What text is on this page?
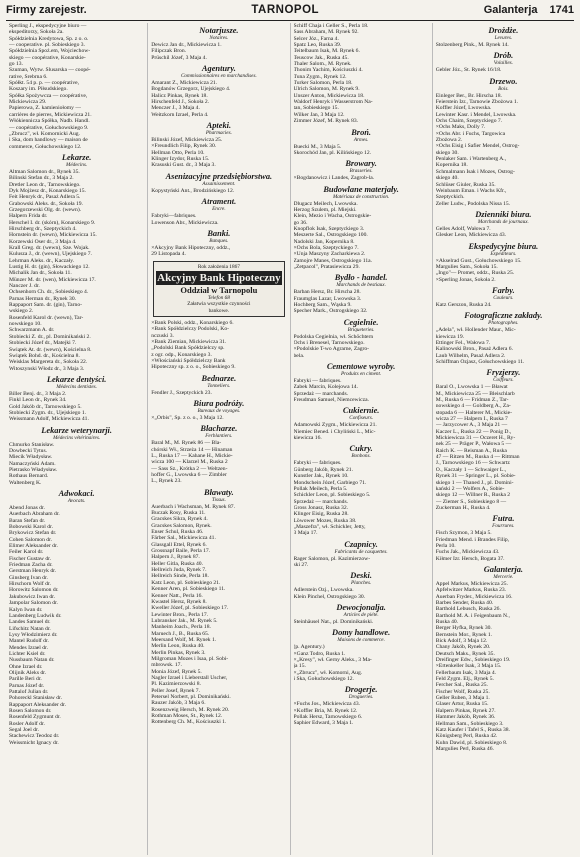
Firmy zarejestr.	TARNOPOL	Galanterja 1741
Sperling J., ekspedycyjne biuro —
ekspeditorzy, Sokoła 2a.
Spółdzielnia Kredytowa, Sp. z o. o.
— cooperative. pl. Sobieskiego 3.
Spółdzielnia Spoż.em, Wojciechow-
skiego — coopérative, Konarskie-
go 13.
Szuman, Wytw. Ślusarska — coopé-
rative, Srebrna 6.
Spółkt. 54 p. p. — coopérative,
Koszary im. Piłsudskiego.
Spółka Spożywcza — coopérative,
Mickiewicza 29.
Papierowa, Z. kamieniołomy —
carrières de pierres, Mickiewicza 21.
Włókiennicza Spółka, Nadb. Handl.
— coopérative, Gołuchowskiego 9.
„Zbrucz", wł. Komornicki Aug.
i Ska, dom handlowy — maison de
commerce, Gołuchowskiego 12.
Lekarze.
Médecins.
Altman Salomon dr., Rynek 35.
Bilinski Stefan dr., 3 Maja 2.
Dretler Leon dr., Tarnowskiego.
Dyk Mojżesz dr., Konarskiego 15.
Feit Henryk dr., Pasaż Adlera 5.
Grabowski Aleks. dr., Sokoła 19.
Grzegorzewski Olg. dr. (wewn).
Halpern Frida dr.
Herschel I. dr. (skórn), Konarskiego 9.
Hirschberg dr., Szeptyckich 4.
Hornstein dr. (wewn), Mickiewicza 15.
Korzewski Oser dr., 3 Maja 4.
Krall Greg. dr. (wewn), Sze. Wojak.
Kulusza J., dr. (wewn), Ujejskiego 7.
Lehrman Aleks. dr., Kaczały.
Lustig H. dr. (gin), Słowackiego 12.
Michalik Jan dr., Sokoła 11.
Münzer M. dr. (wen), Mickiewicza 17.
Nanczer J. dr.
Ochsenhorn Ch. dr., Sobieskiego 4.
Parnas Herman dr., Rynek 30.
Rappaport Sam. dr. (gin), Tarno-
wskiego 2.
Rosenfeld Karol dr. (wewn), Tar-
nowskiego 10.
Schwarzmann A. dr.
Stobiecki Z. dr., pl. Dominikański 2.
Stobiecki Józef dr., Matejki 7.
Świątek At. dr. (wewn), Kościelna 8.
Świątek Bohd. dr., Kościelna 8.
Weisklas Margereta dr., Sokoła 22.
Witoszynski Włodz dr., 3 Maja 3.
Lekarze dentyści.
Médecins dentistes.
Biller Benj. dr., 3 Maja 2.
Finkl Leon dr., Rynek 34.
Gold Jakób dr., Tarnowskiego 5.
Stobiecki Zygm. dr., Ujejskiego 1.
Weissmann Adolf, Mickiewicza 41.
Lekarze weterynarji.
Médecins vétérinaires.
Chmurko Stanisław.
Dowbecki Tytus.
Miecik Władysław.
Namaczyński Adam.
Pietrasko Władysław.
Rothaus Bernard.
Waltenberg K.
Adwokaci.
Avocats.
Abend Jonas dr.
Auerbach Abraham dr.
Baran Stefan dr.
Bobowski Karol dr.
Brykowicz Stefan dr.
Cohen Salomon dr.
Elimer Aleksander dr.
Feiler Karol dr.
Fischer Gustaw dr.
Friedman Zacha dr.
Gerstman Henryk dr.
Ginsberg Ivan dr.
Hirschorn Wolf dr.
Horowitz Salomon dr.
Jakubowicz Iwan dr.
Jampolar Salomon dr.
Kalyn Iwan dr.
Landenberg Ludwik dr.
Landes Samuel dr.
Lifschitz Natan dr.
Lysy Włodzimierz dr.
Mantel Rudolf dr.
Mendes Izrael dr.
Lichter Ksiel dr.
Nussbaum Natan dr.
Ohne Izrael dr.
Olijnik Aleks dr.
Parille Beri dr.
Parnas Józef dr.
Pattalof Julian dr.
Pohoreckl Stanisław dr.
Rappaport Aleksander dr.
Rosen Salomon dr.
Rosenfeld Zygmunt dr.
Rosler Adolf dr.
Segal Joel dr.
Stachewicz Teodoz dr.
Weissmicht Ignacy dr.
Notarjusze.
Notaires.
Dewicz Jan dr., Mickiewicza 1.
Filipczak Bron.
Prüschil Józef, 3 Maja 4.
Agentury.
Commissionnaires en marchandises.
Amarant Z., Mickiewicza 21.
Bogdanów Grzegorz, Ujejskiego 4.
Halicz Pinkas, Rynek 18.
Hirschenfeld J., Sokoła 2.
Menczer J., 3 Maja 4.
Weitzkorn Izrael, Perla 4.
Apteki.
Pharmacies.
Bilinski Józef, Mickiewicza 25.
×Freundlich Filip, Rynek 30.
Hellman Otto, Perla 10.
Klinger Izydor, Ruska 15.
Krasuski Gust. dr., 3 Maja 3.
Asenizacyjne przedsiębiorstwa.
Assainissement.
Kopystyński Ant., Brodzińskiego 12.
Atrament.
Encre.
Fabryki—fabriques.
Lowenson Abr., Mickiewicza.
Banki.
Banques.
×Akcyjny Bank Hipoteczny, oddz.,
29 Listopada 4.
Rok założenia 1867
Akcyjny Bank Hipoteczny
Oddział w Tarnopolu
Telefon 68
Załatwia wszystkie czynności
bankowe.
×Bank Polski, oddz., Konarskiego 6.
×Bank Spółdzielczy Podolski, Ko-
nczuski 3.
×Bank Ziemian, Mickiewicza 31.
„Podolski Bank Spółdzielczy sp.
z ogr. odp., Konarskiego 3.
×Włościański Spółdzielczy Bank
Hipoteczny sp. z o. o., Sobieskiego 9.
Bednarze.
Tonneliers.
Fendler J., Szeptyckich 23.
Biura podróży.
Bureaux de voyages.
×„Orbis", Sp. z o. o., 3 Maja 12.
Blacharze.
Ferblantiers.
Baral M., M. Rynek 86 — Bla-
chórski Wł., Strzeża 14 — Hinaman
L., Ruska 17 — Kahane H., Mickie-
wicza 100 — Klarzel M., Ruska 2
— Sass Sz., Krótka 2 — Weltzen-
hoffer G., Lwowska 6 — Zimbler
L., Rynek 23.
Bławaty.
Tissus.
Auerbach i Wachsman, M. Rynek 87.
Buczak Rosy, Ruska 11.
Gracskes Sikra, Rynek 4.
Gracskes Salomon, Rynek.
Enser Schul, Ruska 46.
Färber Sal., Mickiewicza 41.
Glassgall Ettel, Rynek 6.
Grossnapf Baile, Perla 17.
Halpern J., Rynek 87.
Heller Gitla, Ruska 40.
Hellreich Juda, Rynek 7.
Hellreich Sinde, Perla 18.
Katz Leon, pl. Sobieskiego 21.
Kenner Aren, pl. Sobieskiego 11.
Kenner Natt., Perla 16.
Kwastel Hersz, Rynek 8.
Kweller Józef, pl. Sobieskiego 17.
Lewinter Bron., Perla 17.
Lubransker Jak., M. Rynek 5.
Manheim Joach., Perla 18.
Maruech J., B., Ruska 65.
Meersand Wolf, M. Rynek 1.
Merlin Leon, Ruska 40.
Merlin Pinkas, Rynek 3.
Milgroman Mozes i Isaa, pl. Sobi-
mbrowsk. 17.
Monia Józef, Rynek 5.
Nagler Izrael i Lieberstall Uscher,
Pl. Kazimierzowski 8.
Peller Josef, Rynek 7.
Petersel Norbert, pl. Dominikański.
Rauzer Jakób, 3 Maja 6.
Rosenzweig Hersch, M. Rynek 20.
Rothman Moses, St., Rynek 12.
Rottenberg Ch. M., Kościuszki 1.
Schiff Chaja i Geller S., Perla 18.
Sass Abraham, M. Rynek 92.
Selcer Józ., Farna 4.
Spatz Leo, Ruska 39.
Teitelbaum Isak, M. Rynek 6.
Teuscow Jak., Ruska 45.
Thaler Salom., M. Rynek.
Thonim Yachim, Kościuszki 4.
Tuna Zygm., Rynek 12.
Turker Salomon, Perla 18.
Ulrich Salomon, M. Rynek 9.
Unszer Anton, Mickiewicza 18.
Waldorf Henryk i Wasserstrom Na-
tan, Sobieskiego 15.
Wilker Jan, 3 Maja 12.
Zimmer Józef, M. Rynek 83.
Broń.
Armes.
Buecki M., 3 Maja 5.
Skorochód Jan, pl. Kilińskiego 12.
Browary.
Brasseries.
×Bogdanowicz i Landes, Zagrob-la.
Budowlane materjały.
Matériaux de construction.
Dlugacz Meilech, Lwowska.
Herzog Szulem, pl. Miejski.
Klein, Mezio i Wacha, Ostrogskie-
go 36.
Knopflok Isak, Szeptyckiego 3.
Meszerte Sal., Ostrogskiego 100.
Nadolski Jan, Kopernika 8.
×Ochs Bola, Szeptyckiego 7.
×Unja Maszyny Zacharkiewa 2.
Zamojre Manes, Ostrogskiego 11a.
„Zetpacol", Pratasiewicza 29.
Bydło - handel.
Marchands de bestiaux.
Barban Hersz, Br. Hirscha 28.
Fraumglas Lazar, Lwowska 3.
Hochberg Sam., Wąska 9.
Specher Mark., Ostrogskiego 32.
Cegielnie.
Briqueteries.
Podolska Cegielnia, wł. Schöchtern
Ochs i Brenesel, Tarnowskiego.
×Podolskie T-wo Agrarne, Zagro-
bela.
Cementowe wyroby.
Produits en ciment.
Fabryki — fabriques.
Zabek Marcin, Kolejowa 14.
Sprzedaż — marchands.
Freudman Samuel, Niemcewicza.
Cukiernie.
Confiseurs.
Adamowski Zygm., Mickiewicza 21.
Niemiec Bened. i Chyliński L., Mic-
kiewicza 16.
Cukry.
Bonbons.
Fabryki — fabriques.
Günberg Jakób, Rynek 21.
Kunstler Jak., Rynek 10.
Mondschein Józef, Garbiego 71.
Pollak Meilech, Perla 5.
Schickler Leon, pl. Sobieskiego 5.
Sprzedaż — marchands.
Gross Jonasz, Ruska 32.
Klinger Eisig, Ruska 28.
Löwower Mozes, Ruska 38.
„Maszefra", wł. Schickler, Jetty,
3 Maja 17.
Czapnicy.
Fabricants de casquettes.
Rager Salomon, pl. Kazimierzow-
ski 27.
Deski.
Planches.
Adlerstein Ozj., Lwowska.
Klein Pinchel, Ostrogskiego 30.
Dewocjonalja.
Articles de piété.
Steinhäusel Nat., pl. Dominikański.
Domy handlowe.
Maisons de commerce.
(p. Agentury.)
×Ganz Todro, Ruska 1.
×„Kresy", wł. Gerny Aleks., 3 Ma-
ja 15.
×„Zbrucz", wł. Komorni, Aug.
i Ska, Gołuchowskiego 12.
Drogerje.
Drogueries.
×Fuchs Jos., Mickiewicza 43.
×Koffler Bria, M. Rynek 12.
Pollak Hersz, Tarnowskiego 6.
Saphier Edward, 3 Maja 1.
Drożdże.
Levures.
Stolzenberg Pink., M. Rynek 14.
Drób.
Volailles.
Gebler Józ., St. Rynek 16/18.
Drzewo.
Bois.
Einleger Ber., Br. Hirscha 18.
Feierstein Izr., Tarnowie Zbożowa 1.
Koffler Józef, Lwowska.
Lewinter Kasr. i Mendel, Lwowska.
Ochs Chaim, Szeptyckiego 7.
×Ochs Maks, Dolly 7.
×Ochs Abr. i Fuchs, Targowica
Zbożowa 2.
×Ochs Eisig i Safier Mendel, Ostrog-
skiego 30.
Penlaker Sam. i Wartenberg A.,
Kopernika 18.
Schmalmann Isak i Mozes, Ostrog-
skiego 40.
Schlüser Giuler, Ruska 35.
Weinbaum Eman. i Wachs Kfr.,
Szeptyckich.
Zeller Ludw., Podolska Nissa 15.
Dzienniki biura.
Marchands de journaux.
Gelles Adolf, Wałowa 7.
Glesker Leon, Mickiewicza 43.
Ekspedycyjne biura.
Expéditeurs.
×Akselrad Gust., Gołuchowskiego 15.
Margulies Sam., Sokoła 15.
„Ingo"— Promet, oddz., Ruska 25.
×Sperling Jonas, Sokoła 2.
Farby.
Couleurs.
Katz Gerszon, Ruska 24.
Fotograficzne zakłady.
Photographes.
„Adela", wł. Hollender Maur., Mic-
kiewicza 19.
Ettinger Fel., Wałowa 7.
Kalinowski Bron., Pasaż Adlera 6.
Laub Wilhelm, Pasaż Adlera 2.
Schiffman Ozjasz, Gołuchowskiego 11.
Fryzjerzy.
Coiffeurs.
Baral O., Lwowska 1 — Bławat
M., Mickiewicza 25 — Bleischlarb
M., Ruska 6 — Fridman Z., Tar-
nowskiego 4 — Goldberg A., Za-
stopada 6 — Halterer M., Mickie-
wicza 27 — Halpern I., Ruska 7
— Jarzycower A., 3 Maja 21 —
Kaczer L., Ruska 22 — Ponig D.,
Mickiewicza 31 — Oczeret H., Ry-
nek 25 — Präger P., Wałowa 5 —
Raich K. — Reisman A., Ruska
47 — Ritzen M., Ruska 4 — Rittman
J., Tarnowskiego 16 — Schwartz
O., Kaczały 1 — Schwaiger L.,
Rynek 31 — Springer L., pl. Sobie-
skiego 1 — Thaned J., pl. Domini-
kański 2 — Wolfers A., Sobie-
skiego 12 — Willner R., Ruska 2
— Ziemer S., Sobieskiego 8 —
Zuckerman H., Ruska 4.
Futra.
Fourrures.
Fisch Szymon, 3 Maja 5.
Friedman Mend. i Brandes Filip,
Perla 10.
Fuchs Jak., Mickiewicza 43.
Kiłmer Izr. Hersch, Bogata 37.
Galanterja.
Mercerie.
Appel Markus, Mickiewicza 25.
Apfelwitzer Markus, Ruska 23.
Auerban Fryder., Mickiewicza 16.
Barbes Sender, Ruska 40.
Barthold Lebusch, Ruska 26.
Barthold M. A. i Feigenbaum N.,
Ruska 40.
Berger Hyfka, Rynek 30.
Bernstein Mor., Rynek 1.
Bick Adolf, 3 Maja 12.
Chany Jakób, Rynek 20.
Deutsch Maks., Rynek 35.
Dreifinger Edw., Sobieskiego 19.
×Ertenkeller Isak, 3 Maja 15.
Fellerbaum Isak, 3 Maja 4.
Feld Zygm. Elj., Rynek 5.
Fercher Sal., Ruska 25.
Fischer Wolf, Ruska 25.
Geller Ruben, 3 Maja 1.
Glaser Artur, Ruska 15.
Halpern Pinkas, Rynek 27.
Hammer Jakób, Rynek 36.
Hellman Sam., Sobieskiego 3.
Katz Kaufer i Tafel S., Ruska 38.
Königsberg Perl, Ruska 42.
Kuhn Dawid, pl. Sobieskiego 8.
Margulies Perl, Ruska 46.
